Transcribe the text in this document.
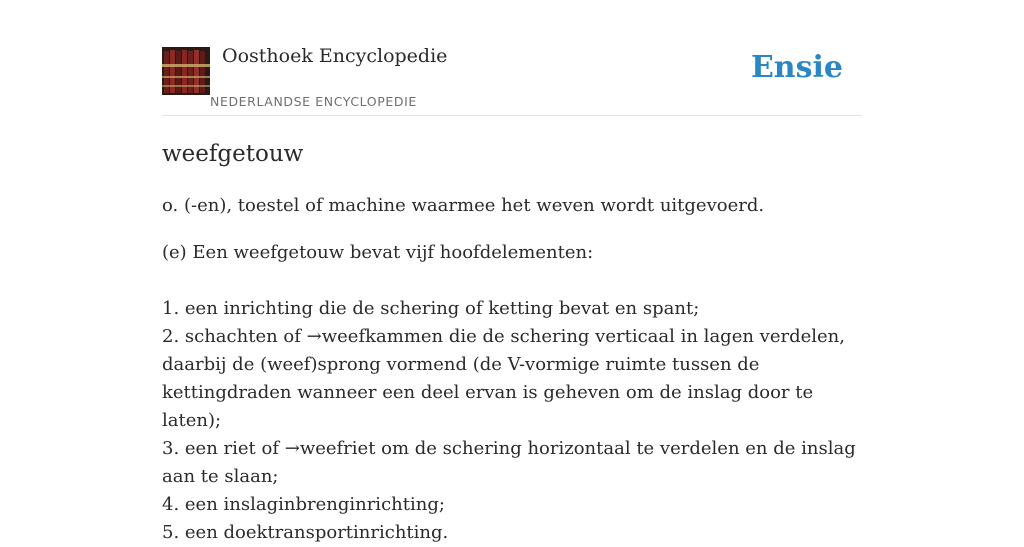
Oosthoek Encyclopedie
NEDERLANDSE ENCYCLOPEDIE
Ensie
weefgetouw

o. (-en), toestel of machine waarmee het weven wordt uitgevoerd.

(e) Een weefgetouw bevat vijf hoofdelementen:

1. een inrichting die de schering of ketting bevat en spant;
2. schachten of →weefkammen die de schering verticaal in lagen verdelen, daarbij de (weef)sprong vormend (de V-vormige ruimte tussen de kettingdraden wanneer een deel ervan is geheven om de inslag door te laten);
3. een riet of →weefriet om de schering horizontaal te verdelen en de inslag aan te slaan;
4. een inslaginbrenginrichting;
5. een doektransportinrichting.
